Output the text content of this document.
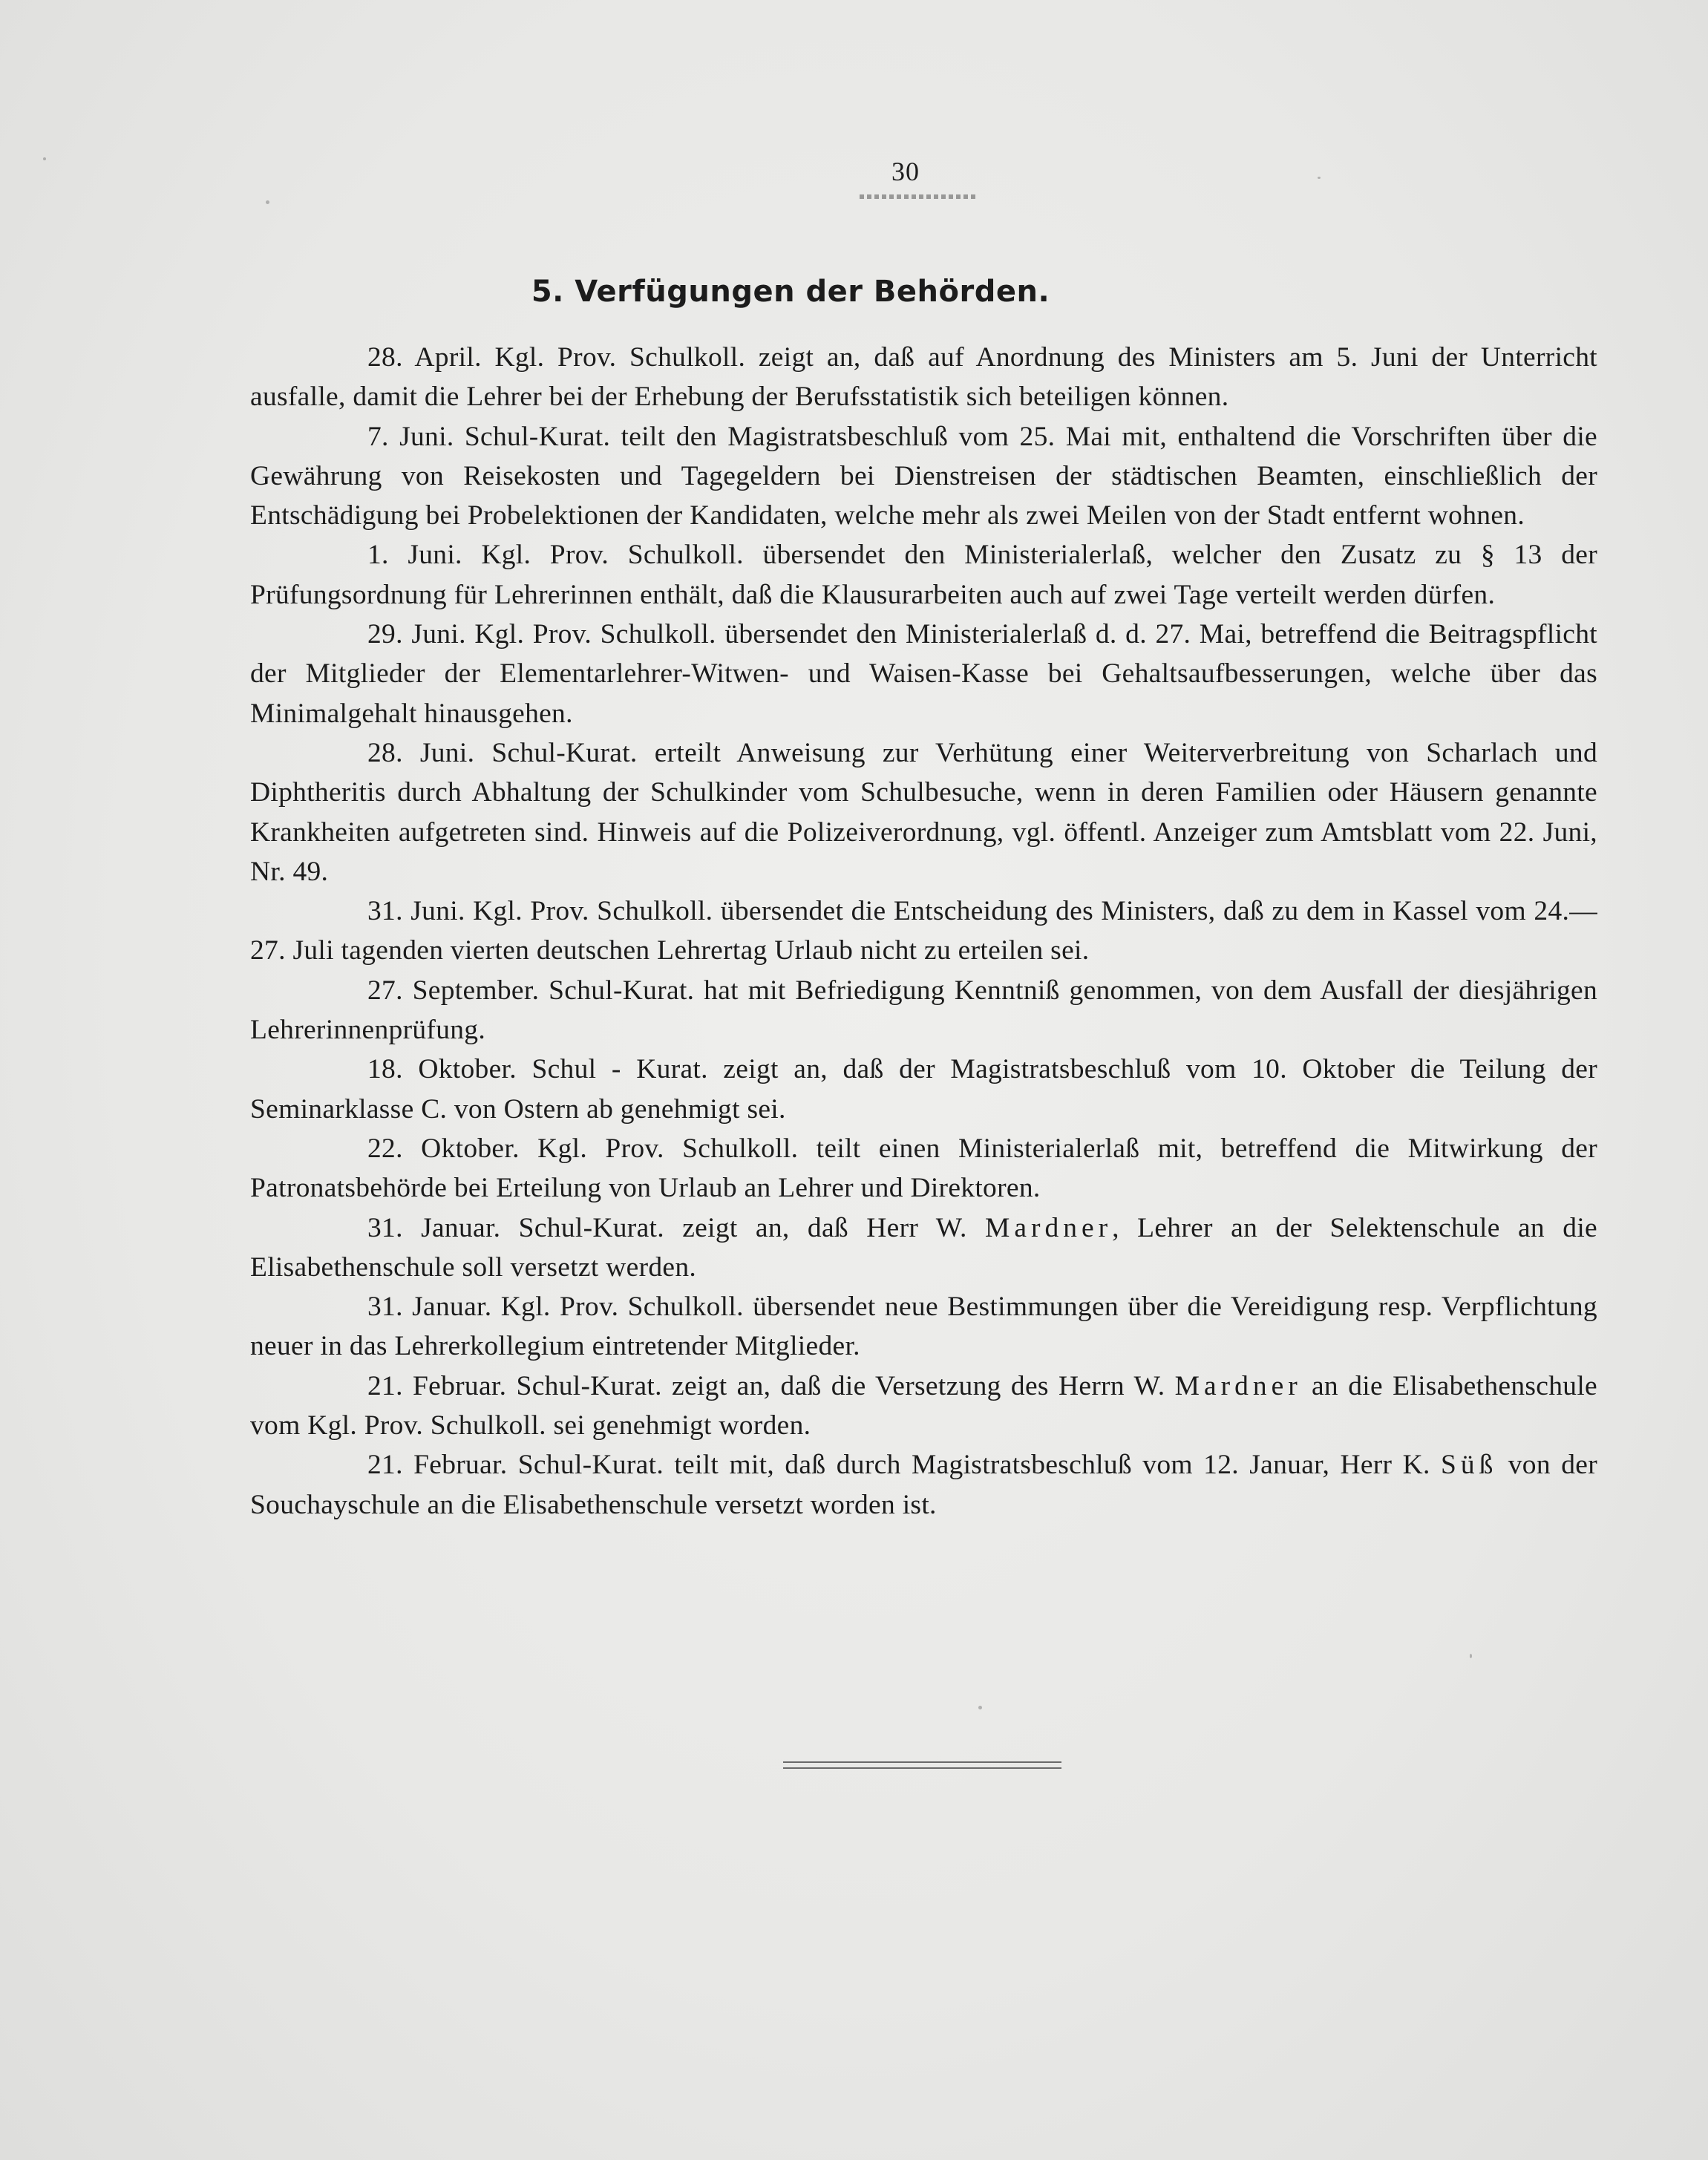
30
5. Verfügungen der Behörden.

28. April. Kgl. Prov. Schulkoll. zeigt an, daß auf Anordnung des Ministers am 5. Juni der Unterricht ausfalle, damit die Lehrer bei der Erhebung der Berufsstatistik sich beteiligen können.

7. Juni. Schul-Kurat. teilt den Magistratsbeschluß vom 25. Mai mit, enthaltend die Vorschriften über die Gewährung von Reisekosten und Tagegeldern bei Dienstreisen der städtischen Beamten, einschließlich der Entschädigung bei Probelektionen der Kandidaten, welche mehr als zwei Meilen von der Stadt entfernt wohnen.

1. Juni. Kgl. Prov. Schulkoll. übersendet den Ministerialerlaß, welcher den Zusatz zu § 13 der Prüfungsordnung für Lehrerinnen enthält, daß die Klausurarbeiten auch auf zwei Tage verteilt werden dürfen.

29. Juni. Kgl. Prov. Schulkoll. übersendet den Ministerialerlaß d. d. 27. Mai, betreffend die Beitragspflicht der Mitglieder der Elementarlehrer-Witwen- und Waisen-Kasse bei Gehaltsaufbesserungen, welche über das Minimalgehalt hinausgehen.

28. Juni. Schul-Kurat. erteilt Anweisung zur Verhütung einer Weiterverbreitung von Scharlach und Diphtheritis durch Abhaltung der Schulkinder vom Schulbesuche, wenn in deren Familien oder Häusern genannte Krankheiten aufgetreten sind. Hinweis auf die Polizeiverordnung, vgl. öffentl. Anzeiger zum Amtsblatt vom 22. Juni, Nr. 49.

31. Juni. Kgl. Prov. Schulkoll. übersendet die Entscheidung des Ministers, daß zu dem in Kassel vom 24.—27. Juli tagenden vierten deutschen Lehrertag Urlaub nicht zu erteilen sei.

27. September. Schul-Kurat. hat mit Befriedigung Kenntniß genommen, von dem Ausfall der diesjährigen Lehrerinnenprüfung.

18. Oktober. Schul - Kurat. zeigt an, daß der Magistratsbeschluß vom 10. Oktober die Teilung der Seminarklasse C. von Ostern ab genehmigt sei.

22. Oktober. Kgl. Prov. Schulkoll. teilt einen Ministerialerlaß mit, betreffend die Mitwirkung der Patronatsbehörde bei Erteilung von Urlaub an Lehrer und Direktoren.

31. Januar. Schul-Kurat. zeigt an, daß Herr W. Mardner, Lehrer an der Selektenschule an die Elisabethenschule soll versetzt werden.

31. Januar. Kgl. Prov. Schulkoll. übersendet neue Bestimmungen über die Vereidigung resp. Verpflichtung neuer in das Lehrerkollegium eintretender Mitglieder.

21. Februar. Schul-Kurat. zeigt an, daß die Versetzung des Herrn W. Mardner an die Elisabethenschule vom Kgl. Prov. Schulkoll. sei genehmigt worden.

21. Februar. Schul-Kurat. teilt mit, daß durch Magistratsbeschluß vom 12. Januar, Herr K. Süß von der Souchayschule an die Elisabethenschule versetzt worden ist.
